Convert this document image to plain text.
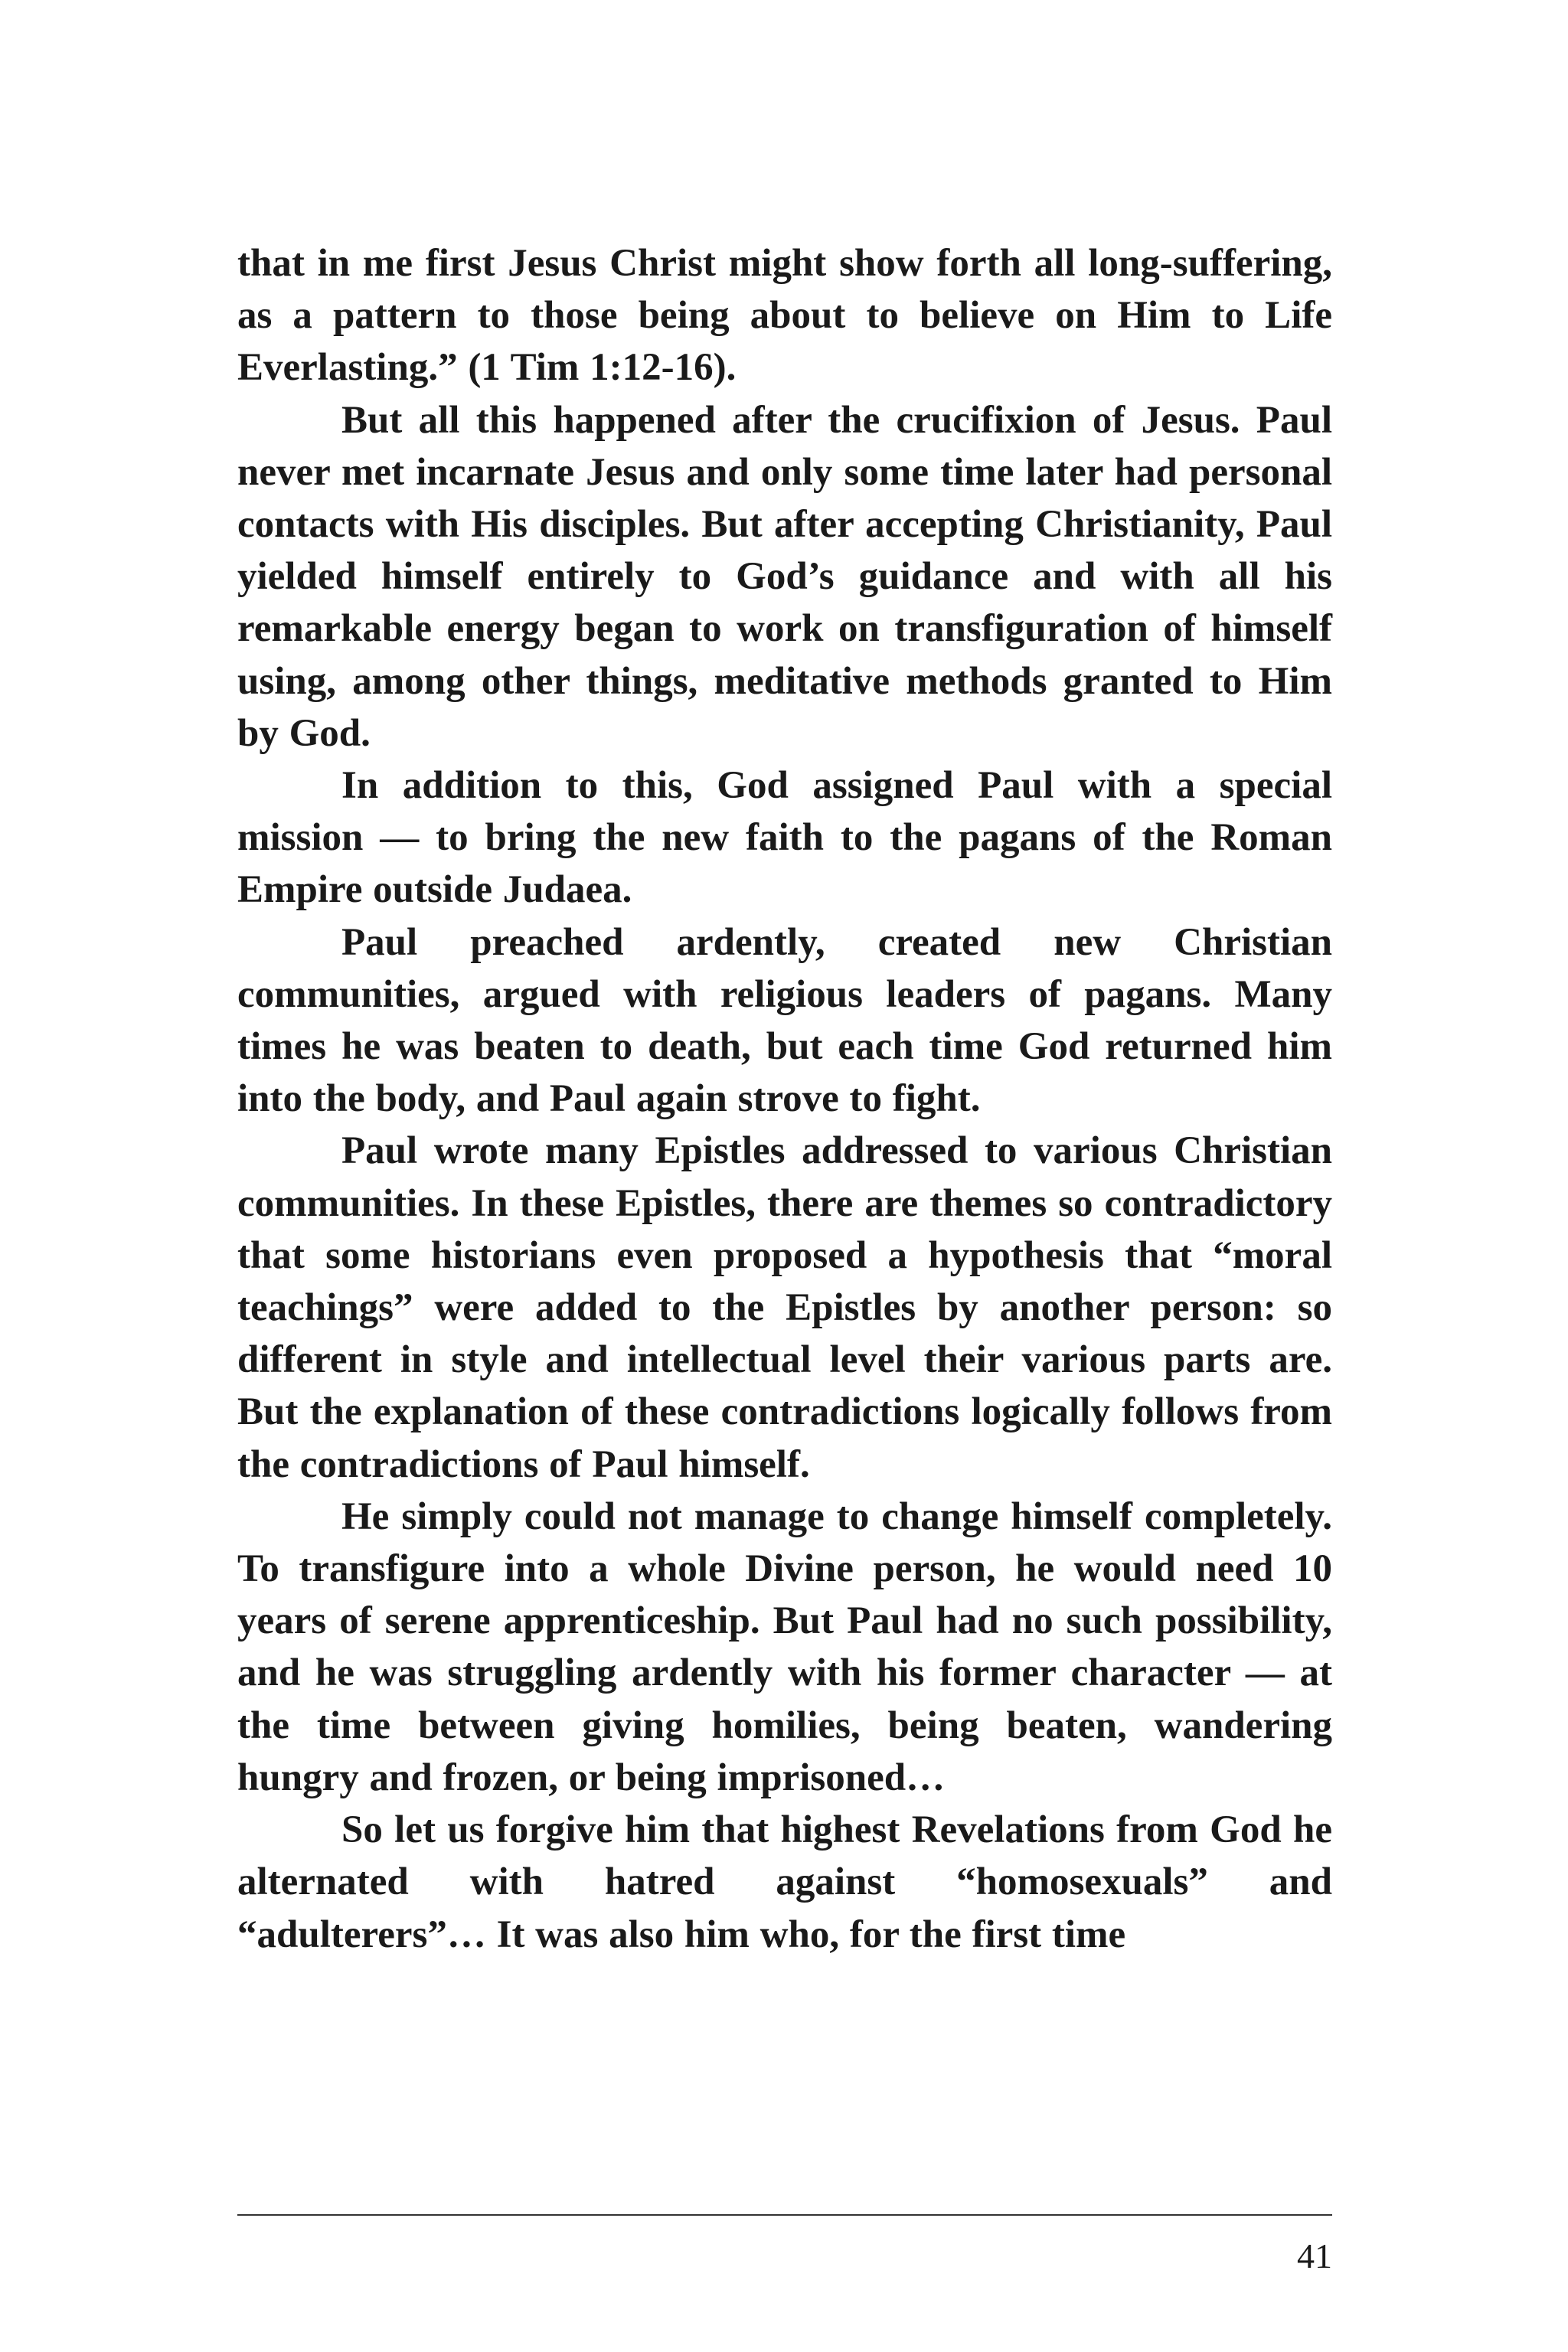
that in me first Jesus Christ might show forth all long-suffering, as a pattern to those being about to believe on Him to Life Everlasting.” (1 Tim 1:12-16).

But all this happened after the crucifixion of Jesus. Paul never met incarnate Jesus and only some time later had personal contacts with His disciples. But after accepting Christianity, Paul yielded himself entirely to God’s guidance and with all his remarkable energy began to work on transfiguration of himself using, among other things, meditative methods granted to Him by God.

In addition to this, God assigned Paul with a special mission — to bring the new faith to the pagans of the Roman Empire outside Judaea.

Paul preached ardently, created new Christian communities, argued with religious leaders of pagans. Many times he was beaten to death, but each time God returned him into the body, and Paul again strove to fight.

Paul wrote many Epistles addressed to various Christian communities. In these Epistles, there are themes so contradictory that some historians even proposed a hypothesis that “moral teachings” were added to the Epistles by another person: so different in style and intellectual level their various parts are. But the explanation of these contradictions logically follows from the contradictions of Paul himself.

He simply could not manage to change himself completely. To transfigure into a whole Divine person, he would need 10 years of serene apprenticeship. But Paul had no such possibility, and he was struggling ardently with his former character — at the time between giving homilies, being beaten, wandering hungry and frozen, or being imprisoned…

So let us forgive him that highest Revelations from God he alternated with hatred against “homosexuals” and “adulterers”… It was also him who, for the first time

41
